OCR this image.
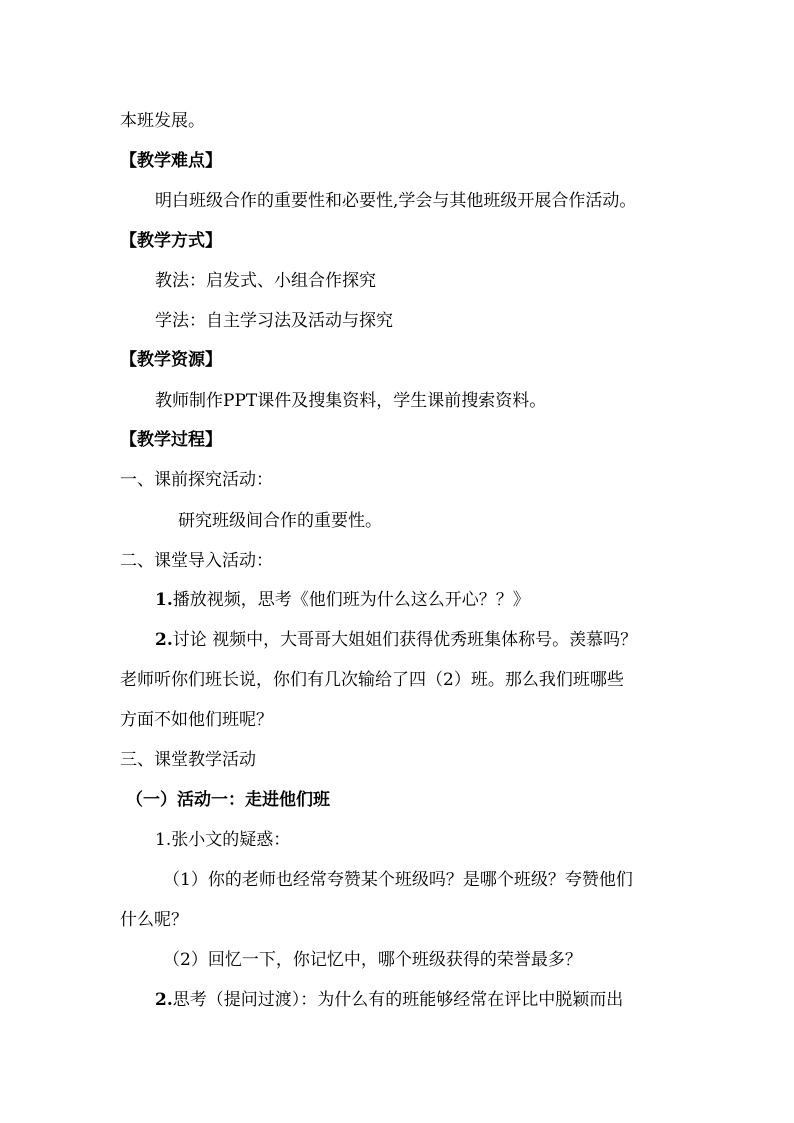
本班发展。
【教学难点】
明白班级合作的重要性和必要性,学会与其他班级开展合作活动。
【教学方式】
教法：启发式、小组合作探究
学法：自主学习法及活动与探究
【教学资源】
教师制作PPT课件及搜集资料，学生课前搜索资料。
【教学过程】
一、课前探究活动：
研究班级间合作的重要性。
二、课堂导入活动：
1.播放视频，思考《他们班为什么这么开心？？》
2.讨论 视频中，大哥哥大姐姐们获得优秀班集体称号。羡慕吗？
老师听你们班长说，你们有几次输给了四（2）班。那么我们班哪些
方面不如他们班呢？
三、课堂教学活动
（一）活动一：走进他们班
1.张小文的疑惑：
（1）你的老师也经常夸赞某个班级吗？是哪个班级？夸赞他们
什么呢？
（2）回忆一下，你记忆中，哪个班级获得的荣誉最多？
2.思考（提问过渡）：为什么有的班能够经常在评比中脱颖而出
